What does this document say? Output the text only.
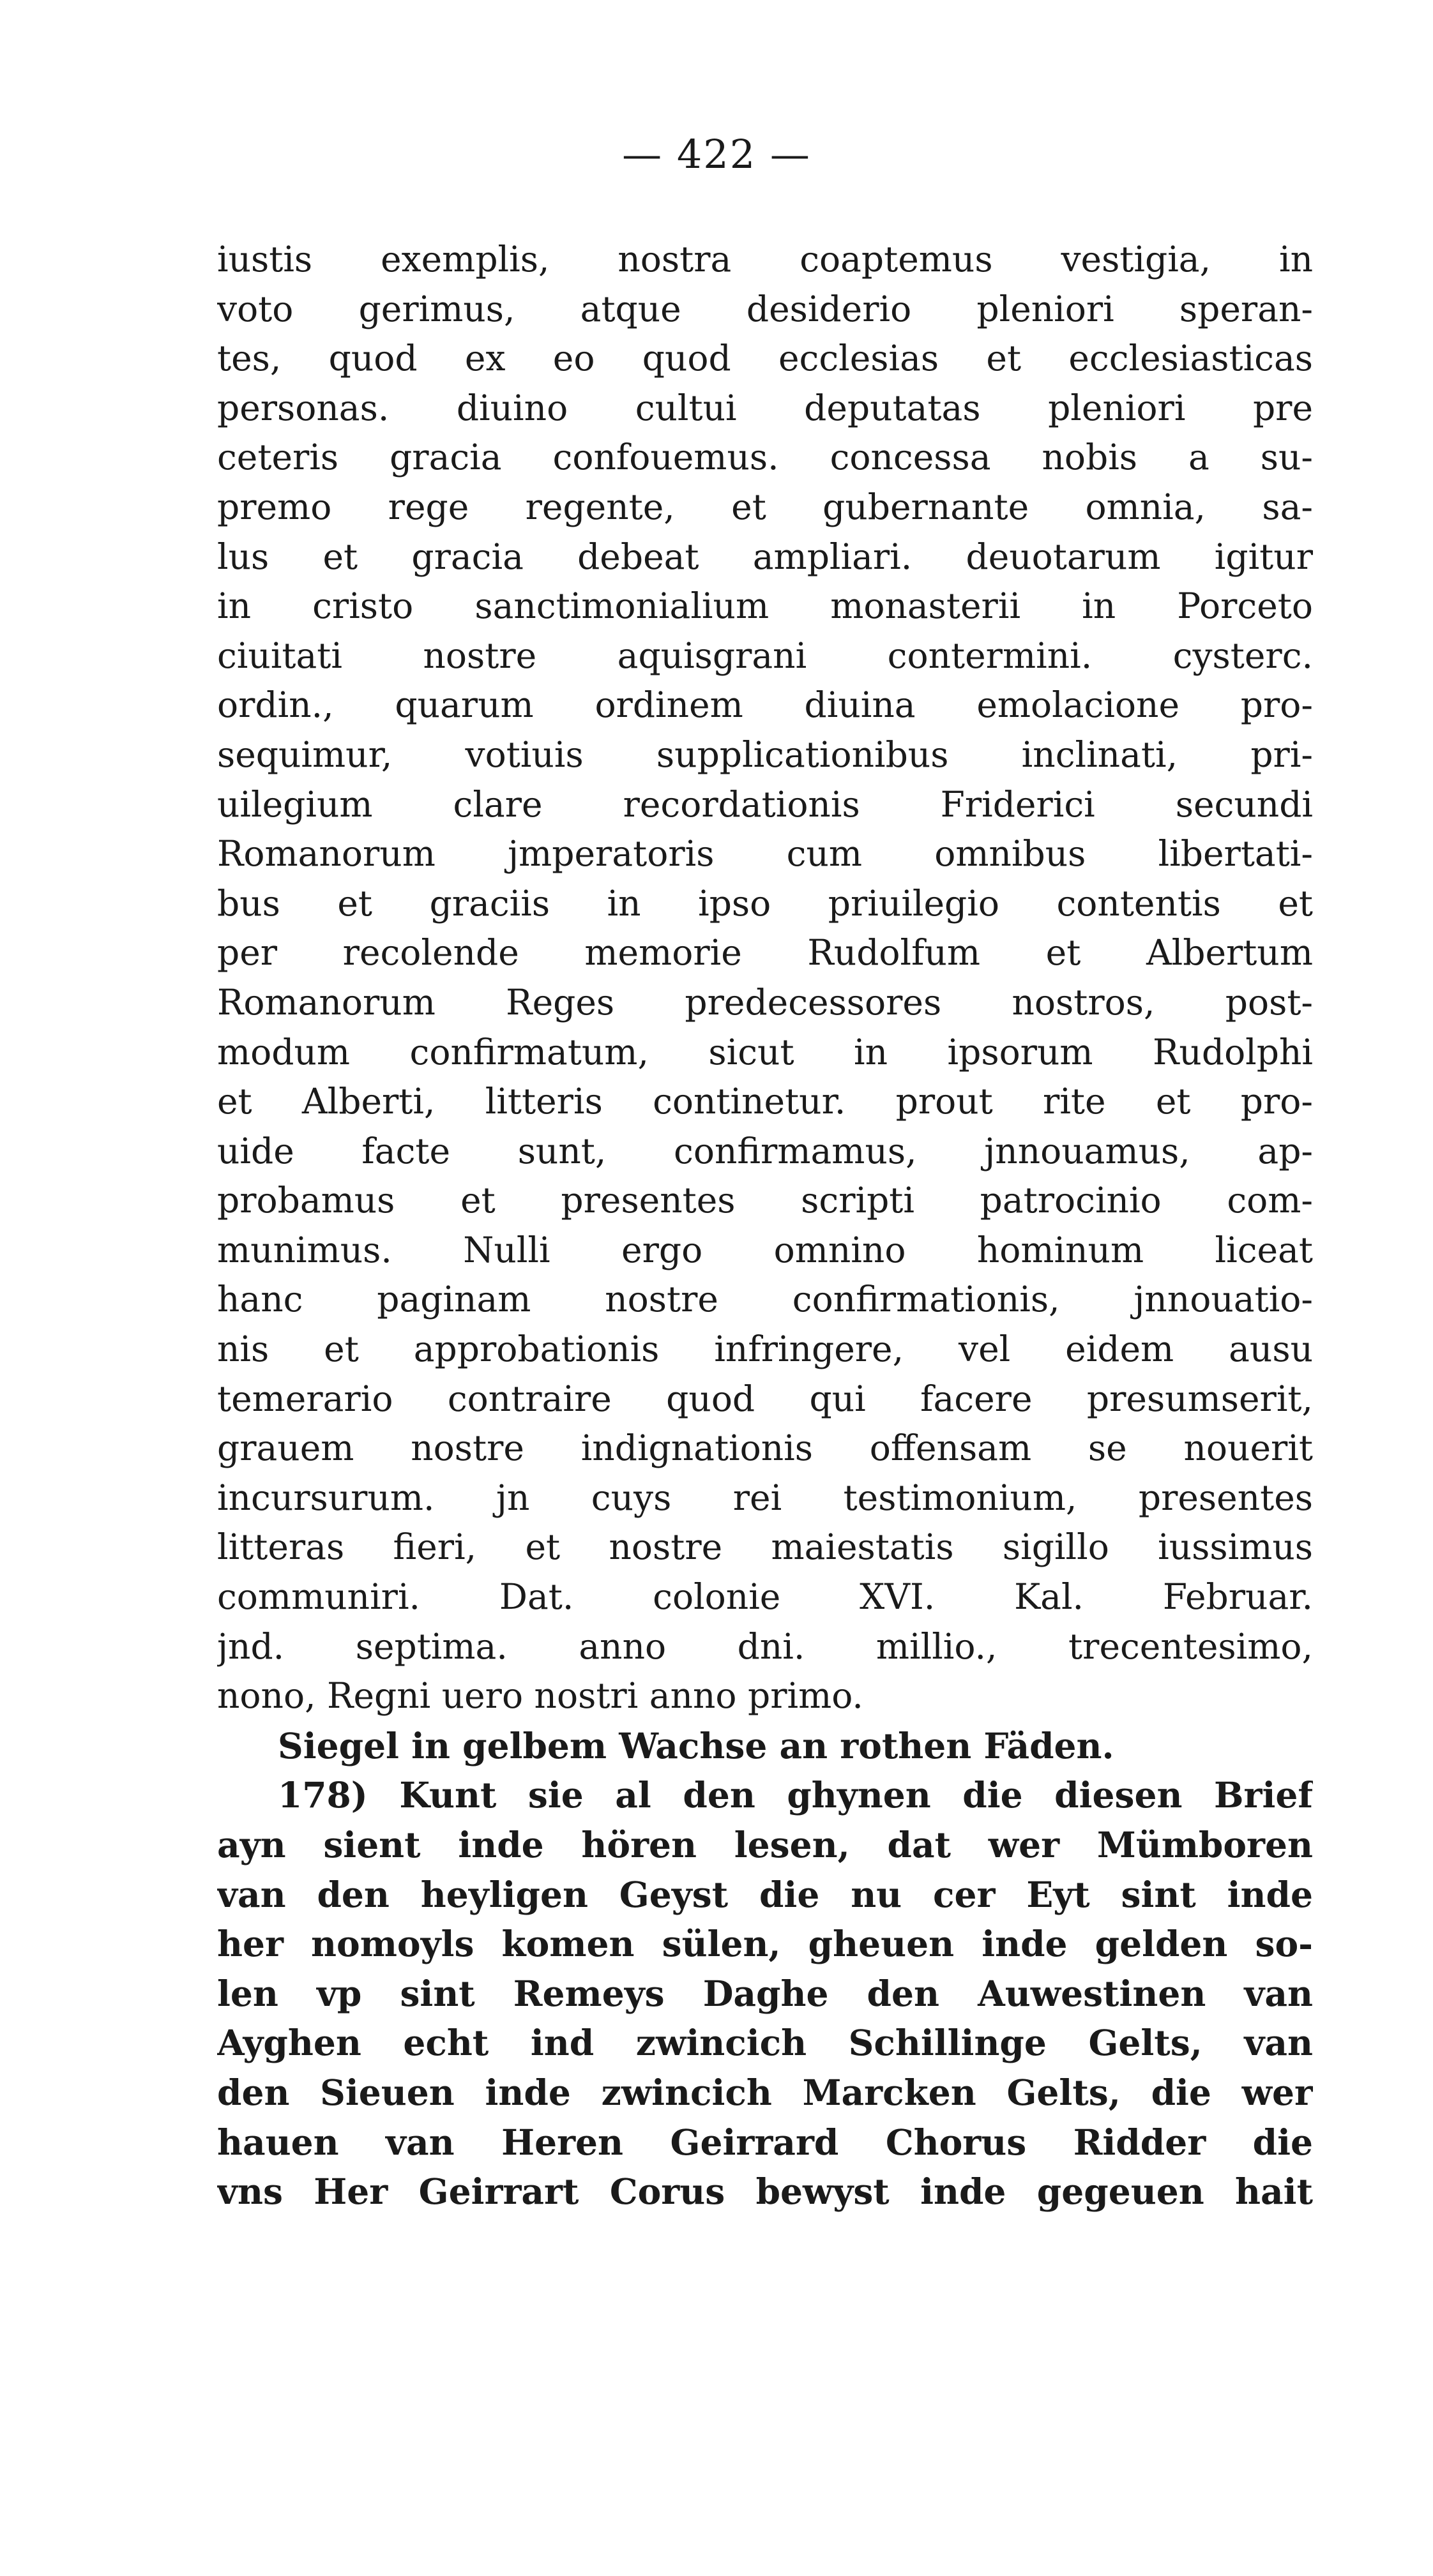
— 422 —
iustis exemplis, nostra coaptemus vestigia, in
voto gerimus, atque desiderio pleniori speran-
tes, quod ex eo quod ecclesias et ecclesiasticas
personas. diuino cultui deputatas pleniori pre
ceteris gracia confouemus. concessa nobis a su-
premo rege regente, et gubernante omnia, sa-
lus et gracia debeat ampliari. deuotarum igitur
in cristo sanctimonialium monasterii in Porceto
ciuitati nostre aquisgrani contermini. cysterc.
ordin., quarum ordinem diuina emolacione pro-
sequimur, votiuis supplicationibus inclinati, pri-
uilegium clare recordationis Friderici secundi
Romanorum jmperatoris cum omnibus libertati-
bus et graciis in ipso priuilegio contentis et
per recolende memorie Rudolfum et Albertum
Romanorum Reges predecessores nostros, post-
modum confirmatum, sicut in ipsorum Rudolphi
et Alberti, litteris continetur. prout rite et pro-
uide facte sunt, confirmamus, jnnouamus, ap-
probamus et presentes scripti patrocinio com-
munimus. Nulli ergo omnino hominum liceat
hanc paginam nostre confirmationis, jnnouatio-
nis et approbationis infringere, vel eidem ausu
temerario contraire quod qui facere presumserit,
grauem nostre indignationis offensam se nouerit
incursurum. jn cuys rei testimonium, presentes
litteras fieri, et nostre maiestatis sigillo iussimus
communiri. Dat. colonie XVI. Kal. Februar.
jnd. septima. anno dni. millio., trecentesimo,
nono, Regni uero nostri anno primo.
Siegel in gelbem Wachse an rothen Fäden.
178) Kunt sie al den ghynen die diesen Brief
ayn sient inde hören lesen, dat wer Mümboren
van den heyligen Geyst die nu cer Eyt sint inde
her nomoyls komen sülen, gheuen inde gelden so-
len vp sint Remeys Daghe den Auwestinen van
Ayghen echt ind zwincich Schillinge Gelts, van
den Sieuen inde zwincich Marcken Gelts, die wer
hauen van Heren Geirrard Chorus Ridder die
vns Her Geirrart Corus bewyst inde gegeuen hait
